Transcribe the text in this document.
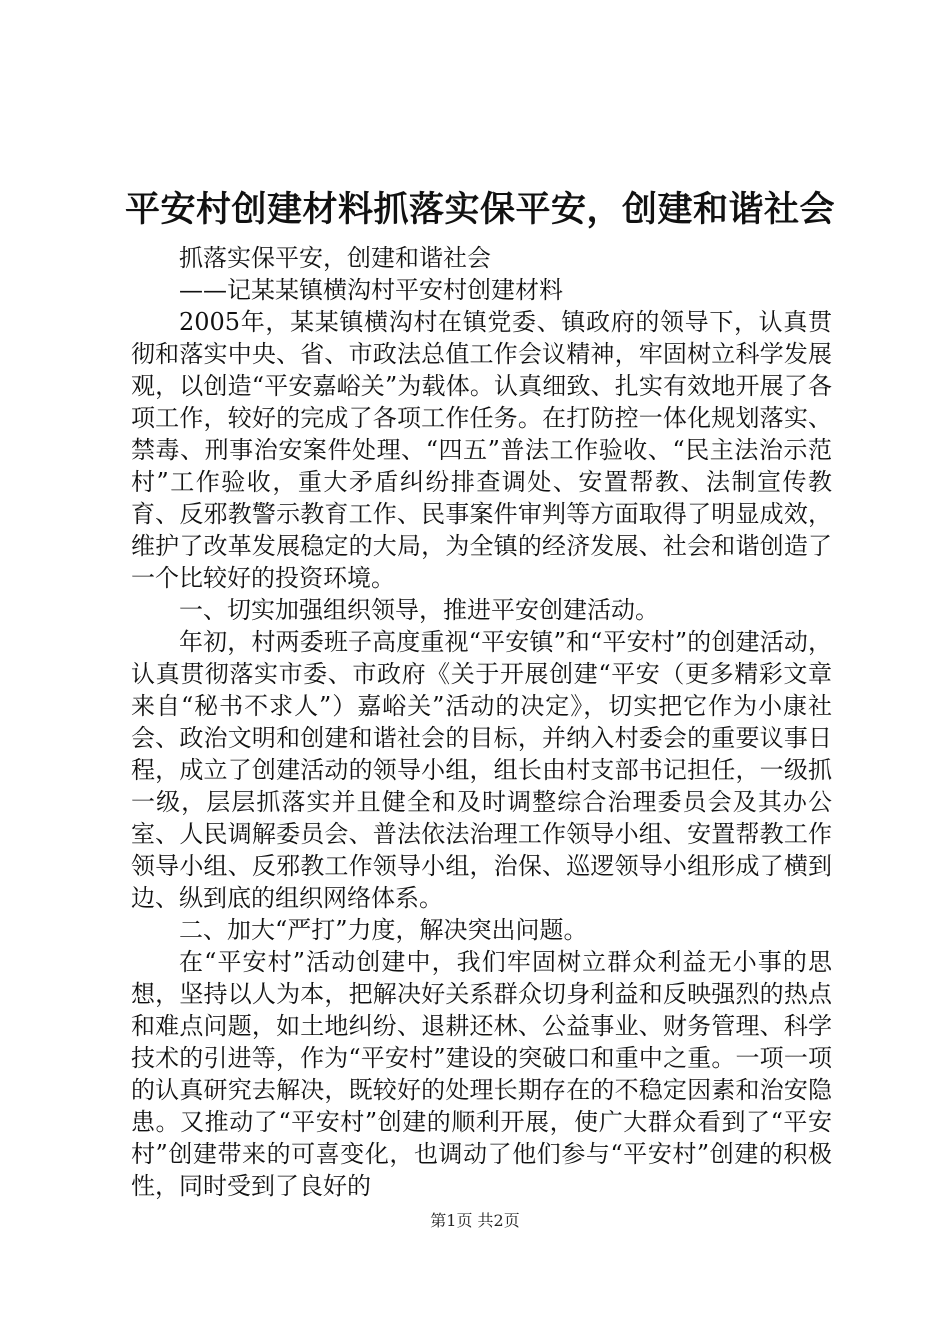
平安村创建材料抓落实保平安，创建和谐社会

抓落实保平安，创建和谐社会

——记某某镇横沟村平安村创建材料

2005年，某某镇横沟村在镇党委、镇政府的领导下，认真贯彻和落实中央、省、市政法总值工作会议精神，牢固树立科学发展观，以创造“平安嘉峪关”为载体。认真细致、扎实有效地开展了各项工作，较好的完成了各项工作任务。在打防控一体化规划落实、禁毒、刑事治安案件处理、“四五”普法工作验收、“民主法治示范村”工作验收，重大矛盾纠纷排查调处、安置帮教、法制宣传教育、反邪教警示教育工作、民事案件审判等方面取得了明显成效，维护了改革发展稳定的大局，为全镇的经济发展、社会和谐创造了一个比较好的投资环境。

一、切实加强组织领导，推进平安创建活动。

年初，村两委班子高度重视“平安镇”和“平安村”的创建活动，认真贯彻落实市委、市政府《关于开展创建“平安（更多精彩文章来自“秘书不求人”）嘉峪关”活动的决定》，切实把它作为小康社会、政治文明和创建和谐社会的目标，并纳入村委会的重要议事日程，成立了创建活动的领导小组，组长由村支部书记担任，一级抓一级，层层抓落实并且健全和及时调整综合治理委员会及其办公室、人民调解委员会、普法依法治理工作领导小组、安置帮教工作领导小组、反邪教工作领导小组，治保、巡逻领导小组形成了横到边、纵到底的组织网络体系。

二、加大“严打”力度，解决突出问题。

在“平安村”活动创建中，我们牢固树立群众利益无小事的思想，坚持以人为本，把解决好关系群众切身利益和反映强烈的热点和难点问题，如土地纠纷、退耕还林、公益事业、财务管理、科学技术的引进等，作为“平安村”建设的突破口和重中之重。一项一项的认真研究去解决，既较好的处理长期存在的不稳定因素和治安隐患。又推动了“平安村”创建的顺利开展，使广大群众看到了“平安村”创建带来的可喜变化，也调动了他们参与“平安村”创建的积极性，同时受到了良好的

第1页 共2页
